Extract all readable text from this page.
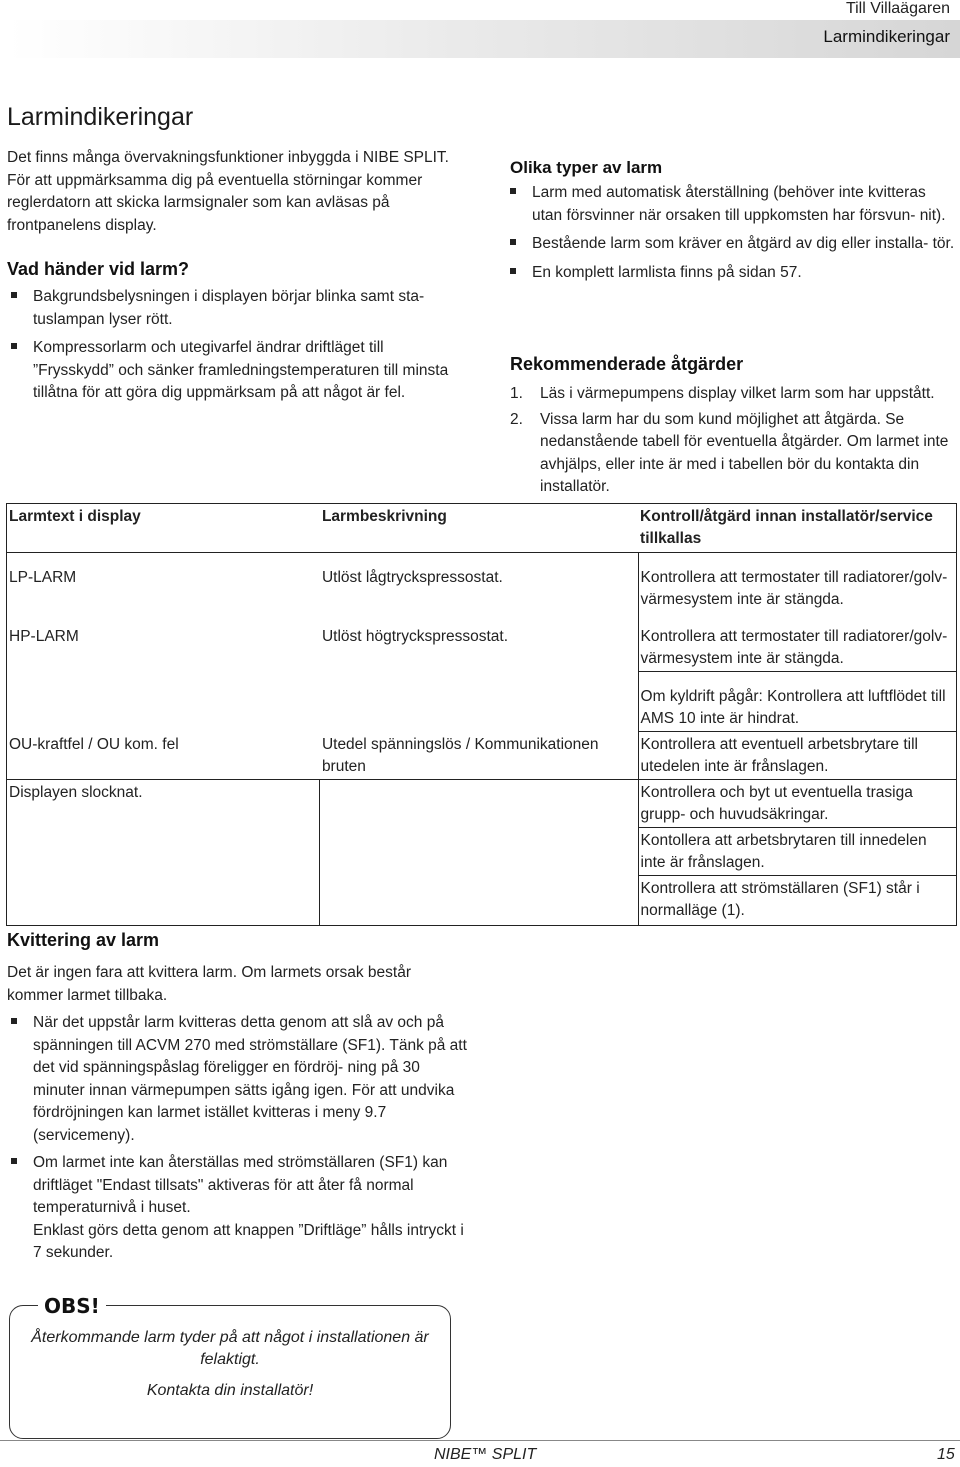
Till Villaägaren
Larmindikeringar
Larmindikeringar
Det finns många övervakningsfunktioner inbyggda i NIBE SPLIT. För att uppmärksamma dig på eventuella störningar kommer reglerdatorn att skicka larmsignaler som kan avläsas på frontpanelens display.
Vad händer vid larm?
Bakgrundsbelysningen i displayen börjar blinka samt sta- tuslampan lyser rött.
Kompressorlarm och utegivarfel ändrar driftläget till ”Frysskydd” och sänker framledningstemperaturen till minsta tillåtna för att göra dig uppmärksam på att något är fel.
Olika typer av larm
Larm med automatisk återställning (behöver inte kvitteras utan försvinner när orsaken till uppkomsten har försvun- nit).
Bestående larm som kräver en åtgärd av dig eller installa- tör.
En komplett larmlista finns på sidan 57.
Rekommenderade åtgärder
1. Läs i värmepumpens display vilket larm som har uppstått.
2. Vissa larm har du som kund möjlighet att åtgärda. Se nedanstående tabell för eventuella åtgärder. Om larmet inte avhjälps, eller inte är med i tabellen bör du kontakta din installatör.
Larmtext i display	Larmbeskrivning	Kontroll/åtgärd innan installatör/service tillkallas
LP-LARM	Utlöst lågtryckspressostat.	Kontrollera att termostater till radiatorer/golv- värmesystem inte är stängda.
HP-LARM	Utlöst högtryckspressostat.	Kontrollera att termostater till radiatorer/golv- värmesystem inte är stängda.
		Om kyldrift pågår: Kontrollera att luftflödet till AMS 10 inte är hindrat.
OU-kraftfel / OU kom. fel	Utedel spänningslös / Kommunikationen bruten	Kontrollera att eventuell arbetsbrytare till utedelen inte är frånslagen.
Displayen slocknat.		Kontrollera och byt ut eventuella trasiga grupp- och huvudsäkringar.
		Kontollera att arbetsbrytaren till innedelen inte är frånslagen.
		Kontrollera att strömställaren (SF1) står i normalläge (1).
Kvittering av larm
Det är ingen fara att kvittera larm. Om larmets orsak består kommer larmet tillbaka.
När det uppstår larm kvitteras detta genom att slå av och på spänningen till ACVM 270 med strömställare (SF1). Tänk på att det vid spänningspåslag föreligger en fördröj- ning på 30 minuter innan värmepumpen sätts igång igen. För att undvika fördröjningen kan larmet istället kvitteras i meny 9.7 (servicemeny).
Om larmet inte kan återställas med strömställaren (SF1) kan driftläget "Endast tillsats" aktiveras för att åter få normal temperaturnivå i huset.
Enklast görs detta genom att knappen ”Driftläge” hålls intryckt i 7 sekunder.
OBS!
Återkommande larm tyder på att något i installationen är felaktigt.
Kontakta din installatör!
NIBE™ SPLIT	15
